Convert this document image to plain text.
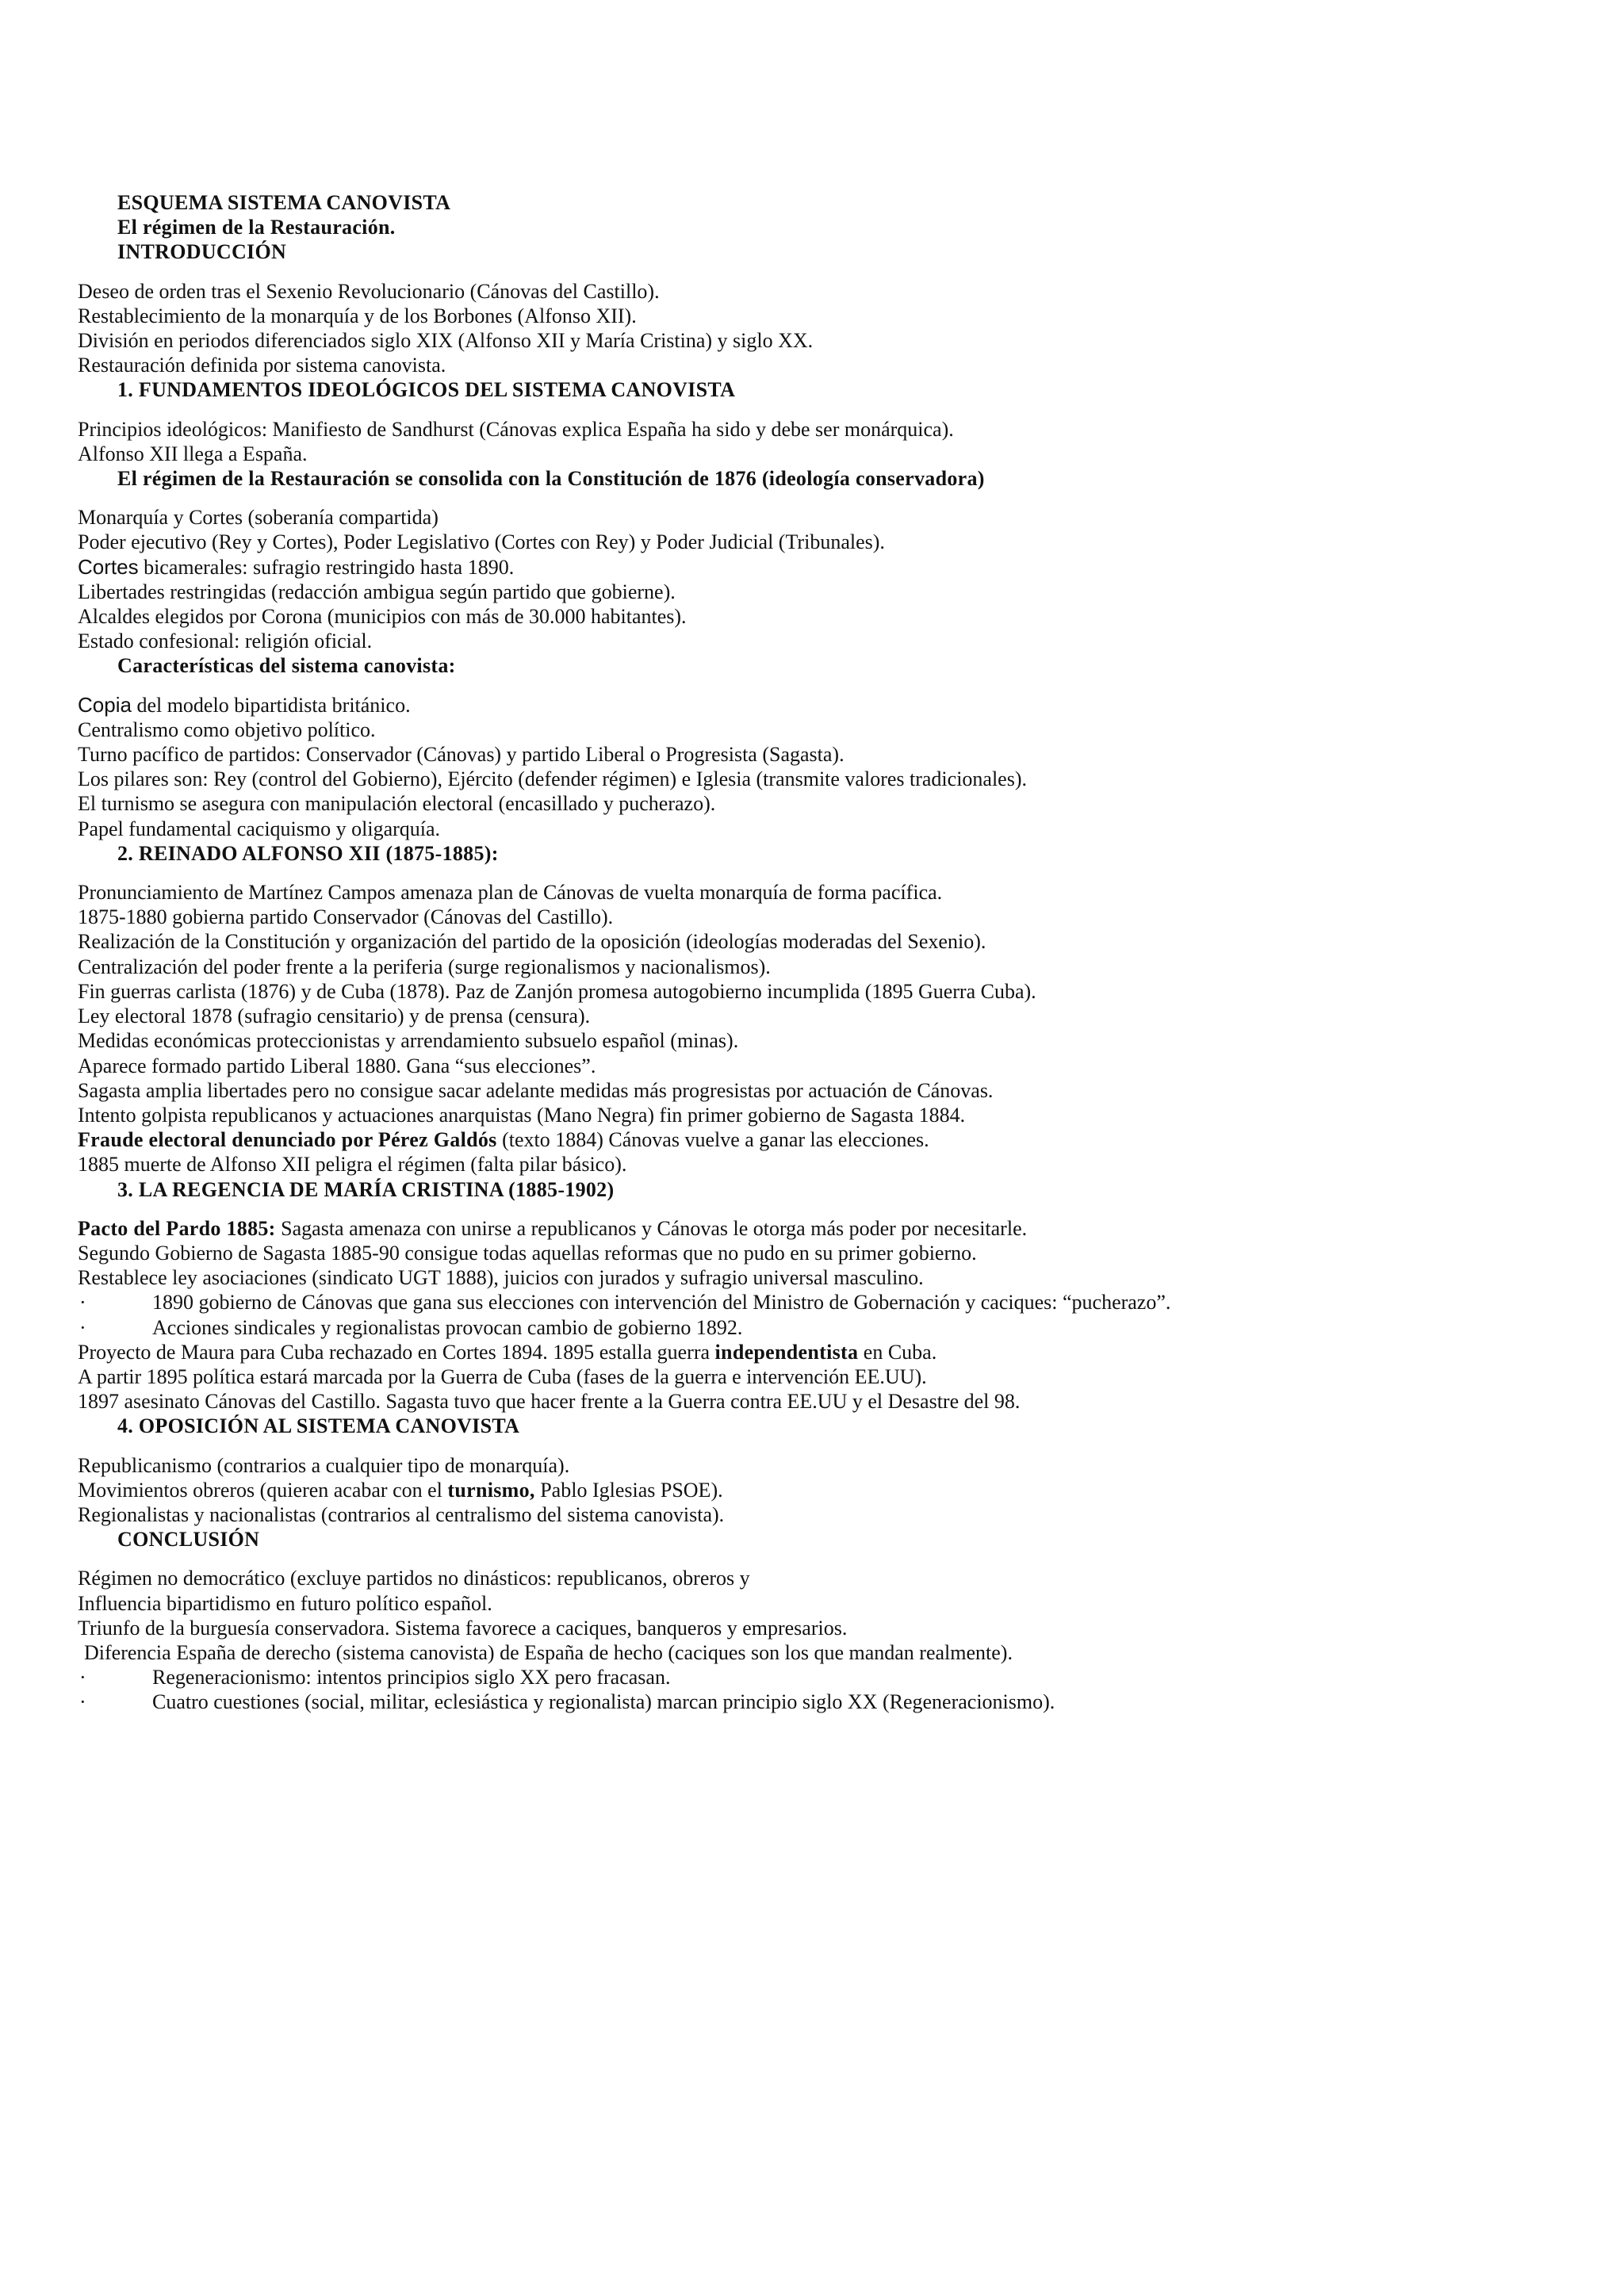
ESQUEMA SISTEMA CANOVISTA
El régimen de la Restauración.
INTRODUCCIÓN
Deseo de orden tras el Sexenio Revolucionario (Cánovas del Castillo).
Restablecimiento de la monarquía y de los Borbones (Alfonso XII).
División en periodos diferenciados siglo XIX (Alfonso XII y María Cristina) y siglo XX.
Restauración definida por sistema canovista.
1. FUNDAMENTOS IDEOLÓGICOS DEL SISTEMA CANOVISTA
Principios ideológicos: Manifiesto de Sandhurst (Cánovas explica España ha sido y debe ser monárquica).
Alfonso XII llega a España.
El régimen de la Restauración se consolida con la Constitución de 1876 (ideología conservadora)
Monarquía y Cortes (soberanía compartida)
Poder ejecutivo (Rey y Cortes), Poder Legislativo (Cortes con Rey) y Poder Judicial (Tribunales).
Cortes bicamerales: sufragio restringido hasta 1890.
Libertades restringidas (redacción ambigua según partido que gobierne).
Alcaldes elegidos por Corona (municipios con más de 30.000 habitantes).
Estado confesional: religión oficial.
Características del sistema canovista:
Copia del modelo bipartidista británico.
Centralismo como objetivo político.
Turno pacífico de partidos: Conservador (Cánovas) y partido Liberal o Progresista (Sagasta).
Los pilares son: Rey (control del Gobierno), Ejército (defender régimen) e Iglesia (transmite valores tradicionales).
El turnismo se asegura con manipulación electoral (encasillado y pucherazo).
Papel fundamental caciquismo y oligarquía.
2. REINADO ALFONSO XII (1875-1885):
Pronunciamiento de Martínez Campos amenaza plan de Cánovas de vuelta monarquía de forma pacífica.
1875-1880 gobierna partido Conservador (Cánovas del Castillo).
Realización de la Constitución y organización del partido de la oposición (ideologías moderadas del Sexenio).
Centralización del poder frente a la periferia (surge regionalismos y nacionalismos).
Fin guerras carlista (1876) y de Cuba (1878). Paz de Zanjón promesa autogobierno incumplida (1895 Guerra Cuba).
Ley electoral 1878 (sufragio censitario) y de prensa (censura).
Medidas económicas proteccionistas y arrendamiento subsuelo español (minas).
Aparece formado partido Liberal 1880. Gana “sus elecciones”.
Sagasta amplia libertades pero no consigue sacar adelante medidas más progresistas por actuación de Cánovas.
Intento golpista republicanos y actuaciones anarquistas (Mano Negra) fin primer gobierno de Sagasta 1884.
Fraude electoral denunciado por Pérez Galdós (texto 1884) Cánovas vuelve a ganar las elecciones.
1885 muerte de Alfonso XII peligra el régimen (falta pilar básico).
3. LA REGENCIA DE MARÍA CRISTINA (1885-1902)
Pacto del Pardo 1885: Sagasta amenaza con unirse a republicanos y Cánovas le otorga más poder por necesitarle.
Segundo Gobierno de Sagasta 1885-90 consigue todas aquellas reformas que no pudo en su primer gobierno.
Restablece ley asociaciones (sindicato UGT 1888), juicios con jurados y sufragio universal masculino.
·	1890 gobierno de Cánovas que gana sus elecciones con intervención del Ministro de Gobernación y caciques: “pucherazo”.
·	Acciones sindicales y regionalistas provocan cambio de gobierno 1892.
Proyecto de Maura para Cuba rechazado en Cortes 1894. 1895 estalla guerra independentista en Cuba.
A partir 1895 política estará marcada por la Guerra de Cuba (fases de la guerra e intervención EE.UU).
1897 asesinato Cánovas del Castillo. Sagasta tuvo que hacer frente a la Guerra contra EE.UU y el Desastre del 98.
4. OPOSICIÓN AL SISTEMA CANOVISTA
Republicanismo (contrarios a cualquier tipo de monarquía).
Movimientos obreros (quieren acabar con el turnismo, Pablo Iglesias PSOE).
Regionalistas y nacionalistas (contrarios al centralismo del sistema canovista).
CONCLUSIÓN
Régimen no democrático (excluye partidos no dinásticos: republicanos, obreros y
Influencia bipartidismo en futuro político español.
Triunfo de la burguesía conservadora. Sistema favorece a caciques, banqueros y empresarios.
Diferencia España de derecho (sistema canovista) de España de hecho (caciques son los que mandan realmente).
·	Regeneracionismo: intentos principios siglo XX pero fracasan.
·	Cuatro cuestiones (social, militar, eclesiástica y regionalista) marcan principio siglo XX (Regeneracionismo).
